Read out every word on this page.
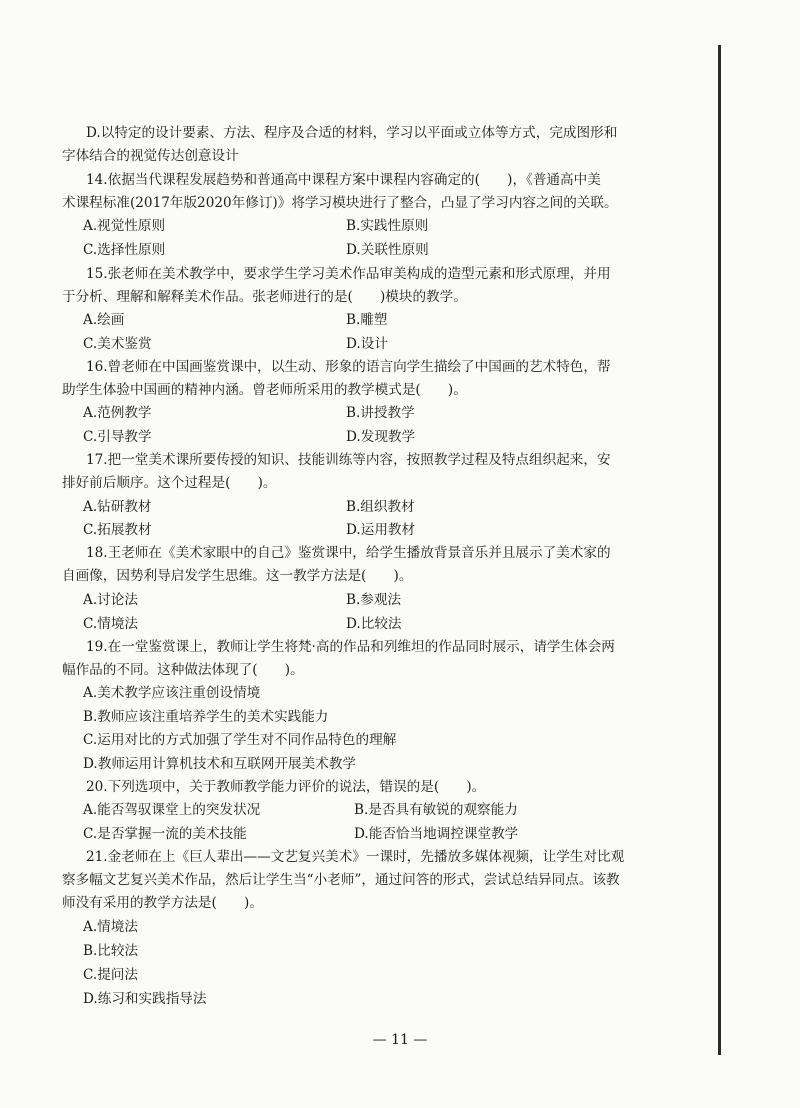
D.以特定的设计要素、方法、程序及合适的材料，学习以平面或立体等方式，完成图形和
字体结合的视觉传达创意设计
14.依据当代课程发展趋势和普通高中课程方案中课程内容确定的(　　)，《普通高中美
术课程标准(2017年版2020年修订)》将学习模块进行了整合，凸显了学习内容之间的关联。
A.视觉性原则	B.实践性原则
C.选择性原则	D.关联性原则
15.张老师在美术教学中，要求学生学习美术作品审美构成的造型元素和形式原理，并用
于分析、理解和解释美术作品。张老师进行的是(　　)模块的教学。
A.绘画	B.雕塑
C.美术鉴赏	D.设计
16.曾老师在中国画鉴赏课中，以生动、形象的语言向学生描绘了中国画的艺术特色，帮
助学生体验中国画的精神内涵。曾老师所采用的教学模式是(　　)。
A.范例教学	B.讲授教学
C.引导教学	D.发现教学
17.把一堂美术课所要传授的知识、技能训练等内容，按照教学过程及特点组织起来，安
排好前后顺序。这个过程是(　　)。
A.钻研教材	B.组织教材
C.拓展教材	D.运用教材
18.王老师在《美术家眼中的自己》鉴赏课中，给学生播放背景音乐并且展示了美术家的
自画像，因势利导启发学生思维。这一教学方法是(　　)。
A.讨论法	B.参观法
C.情境法	D.比较法
19.在一堂鉴赏课上，教师让学生将梵·高的作品和列维坦的作品同时展示，请学生体会两
幅作品的不同。这种做法体现了(　　)。
A.美术教学应该注重创设情境
B.教师应该注重培养学生的美术实践能力
C.运用对比的方式加强了学生对不同作品特色的理解
D.教师运用计算机技术和互联网开展美术教学
20.下列选项中，关于教师教学能力评价的说法，错误的是(　　)。
A.能否驾驭课堂上的突发状况	B.是否具有敏锐的观察能力
C.是否掌握一流的美术技能	D.能否恰当地调控课堂教学
21.金老师在上《巨人辈出——文艺复兴美术》一课时，先播放多媒体视频，让学生对比观
察多幅文艺复兴美术作品，然后让学生当“小老师”，通过问答的形式，尝试总结异同点。该教
师没有采用的教学方法是(　　)。
A.情境法
B.比较法
C.提问法
D.练习和实践指导法
— 11 —
